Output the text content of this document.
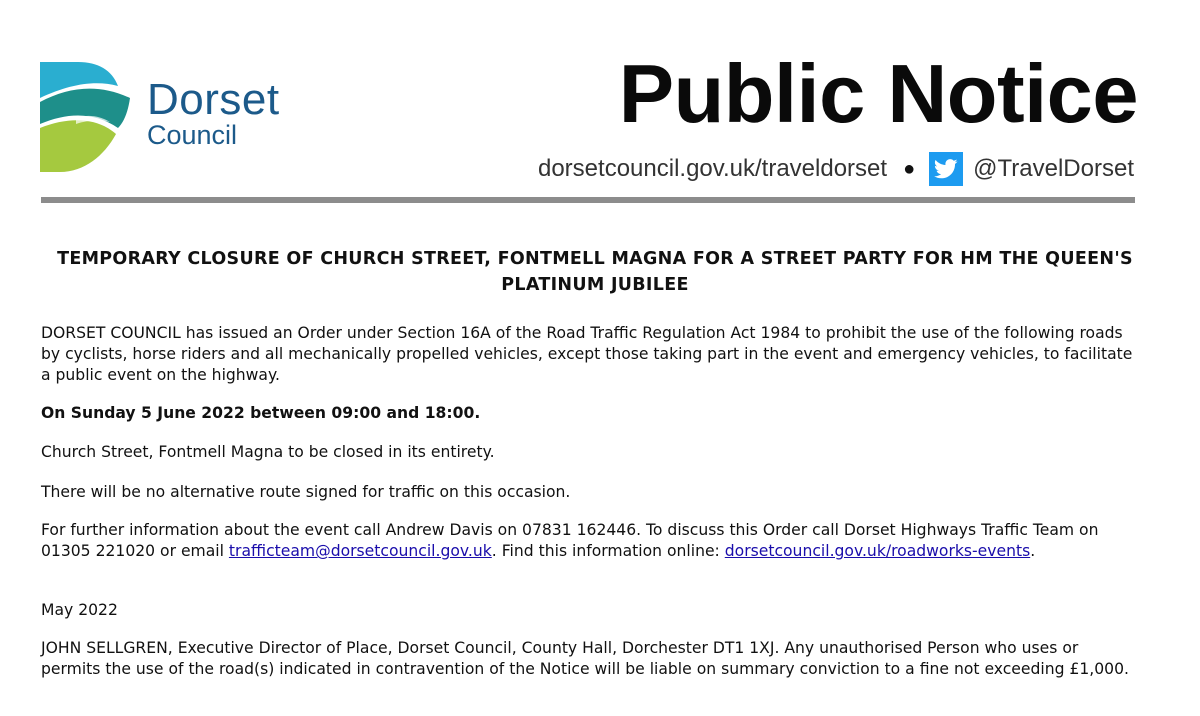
Dorset
Council	Public Notice
dorsetcouncil.gov.uk/traveldorset ● @TravelDorset
TEMPORARY CLOSURE OF CHURCH STREET, FONTMELL MAGNA FOR A STREET PARTY FOR HM THE QUEEN'S PLATINUM JUBILEE

DORSET COUNCIL has issued an Order under Section 16A of the Road Traffic Regulation Act 1984 to prohibit the use of the following roads by cyclists, horse riders and all mechanically propelled vehicles, except those taking part in the event and emergency vehicles, to facilitate a public event on the highway.

On Sunday 5 June 2022 between 09:00 and 18:00.

Church Street, Fontmell Magna to be closed in its entirety.

There will be no alternative route signed for traffic on this occasion.

For further information about the event call Andrew Davis on 07831 162446. To discuss this Order call Dorset Highways Traffic Team on 01305 221020 or email trafficteam@dorsetcouncil.gov.uk. Find this information online: dorsetcouncil.gov.uk/roadworks-events.

May 2022

JOHN SELLGREN, Executive Director of Place, Dorset Council, County Hall, Dorchester DT1 1XJ. Any unauthorised Person who uses or permits the use of the road(s) indicated in contravention of the Notice will be liable on summary conviction to a fine not exceeding £1,000.
